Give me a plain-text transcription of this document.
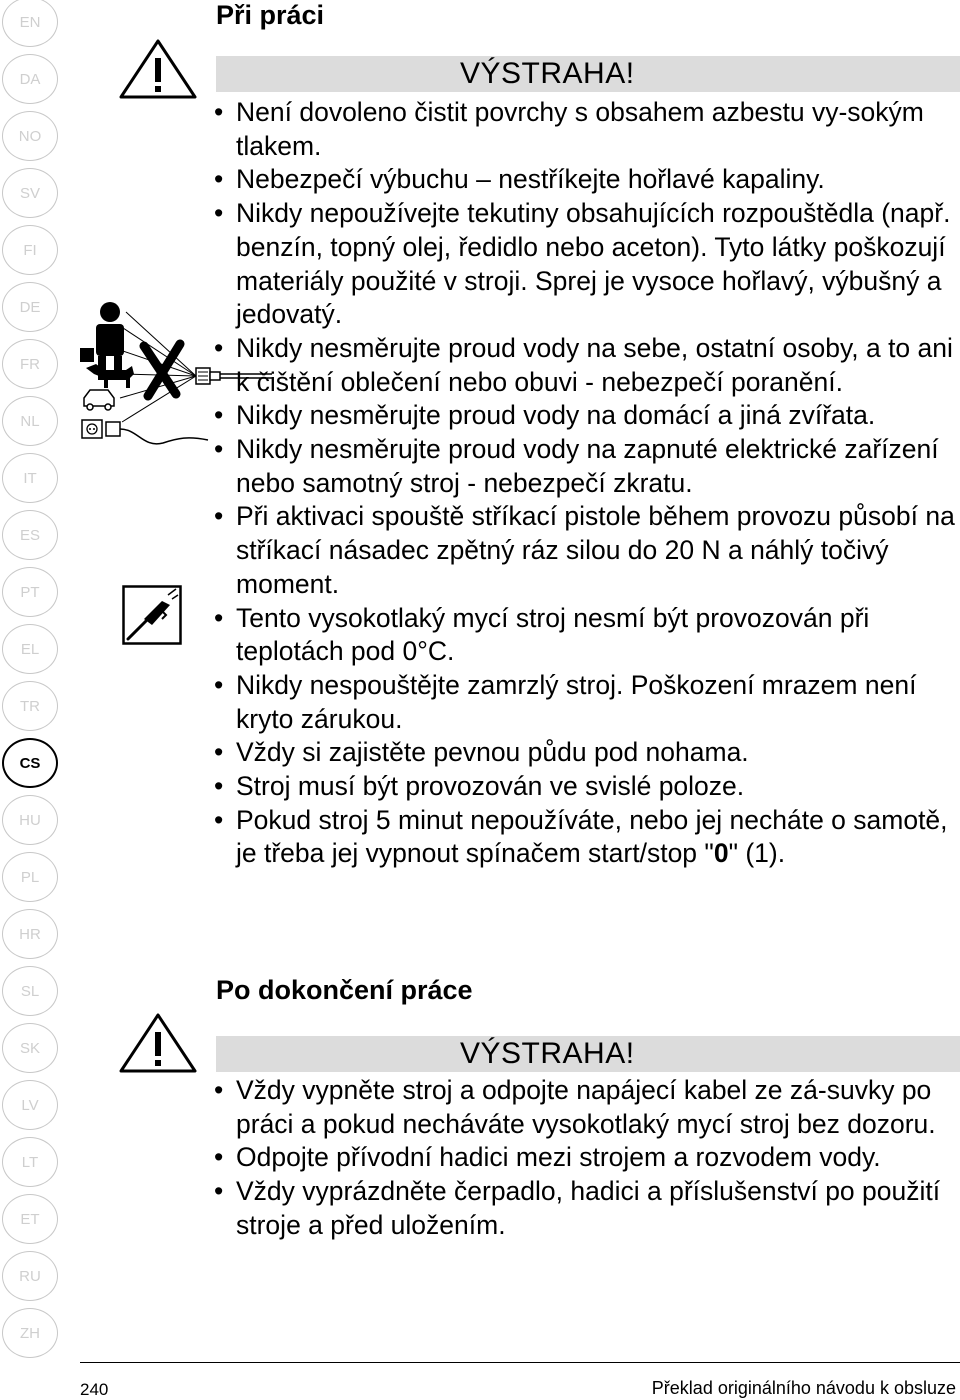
EN
DA
NO
SV
FI
DE
FR
NL
IT
ES
PT
EL
TR
CS
HU
PL
HR
SL
SK
LV
LT
ET
RU
ZH
Při práci
VÝSTRAHA!
• Není dovoleno čistit povrchy s obsahem azbestu vy-sokým tlakem.
• Nebezpečí výbuchu – nestříkejte hořlavé kapaliny.
• Nikdy nepoužívejte tekutiny obsahujících rozpouštědla (např. benzín, topný olej, ředidlo nebo aceton). Tyto látky poškozují materiály použité v stroji. Sprej je vysoce hořlavý, výbušný a jedovatý.
• Nikdy nesměrujte proud vody na sebe, ostatní osoby, a to ani k čištění oblečení nebo obuvi - nebezpečí poranění.
• Nikdy nesměrujte proud vody na domácí a jiná zvířata.
• Nikdy nesměrujte proud vody na zapnuté elektrické zařízení nebo samotný stroj - nebezpečí zkratu.
• Při aktivaci spouště stříkací pistole během provozu působí na stříkací násadec zpětný ráz silou do 20 N a náhlý točivý moment.
• Tento vysokotlaký mycí stroj nesmí být provozován při teplotách pod 0°C.
• Nikdy nespouštějte zamrzlý stroj. Poškození mrazem není kryto zárukou.
• Vždy si zajistěte pevnou půdu pod nohama.
• Stroj musí být provozován ve svislé poloze.
• Pokud stroj 5 minut nepoužíváte, nebo jej necháte o samotě, je třeba jej vypnout spínačem start/stop "0" (1).
Po dokončení práce
VÝSTRAHA!
• Vždy vypněte stroj a odpojte napájecí kabel ze zá-suvky po práci a pokud necháváte vysokotlaký mycí stroj bez dozoru.
• Odpojte přívodní hadici mezi strojem a rozvodem vody.
• Vždy vyprázdněte čerpadlo, hadici a příslušenství po použití stroje a před uložením.
240	Překlad originálního návodu k obsluze
